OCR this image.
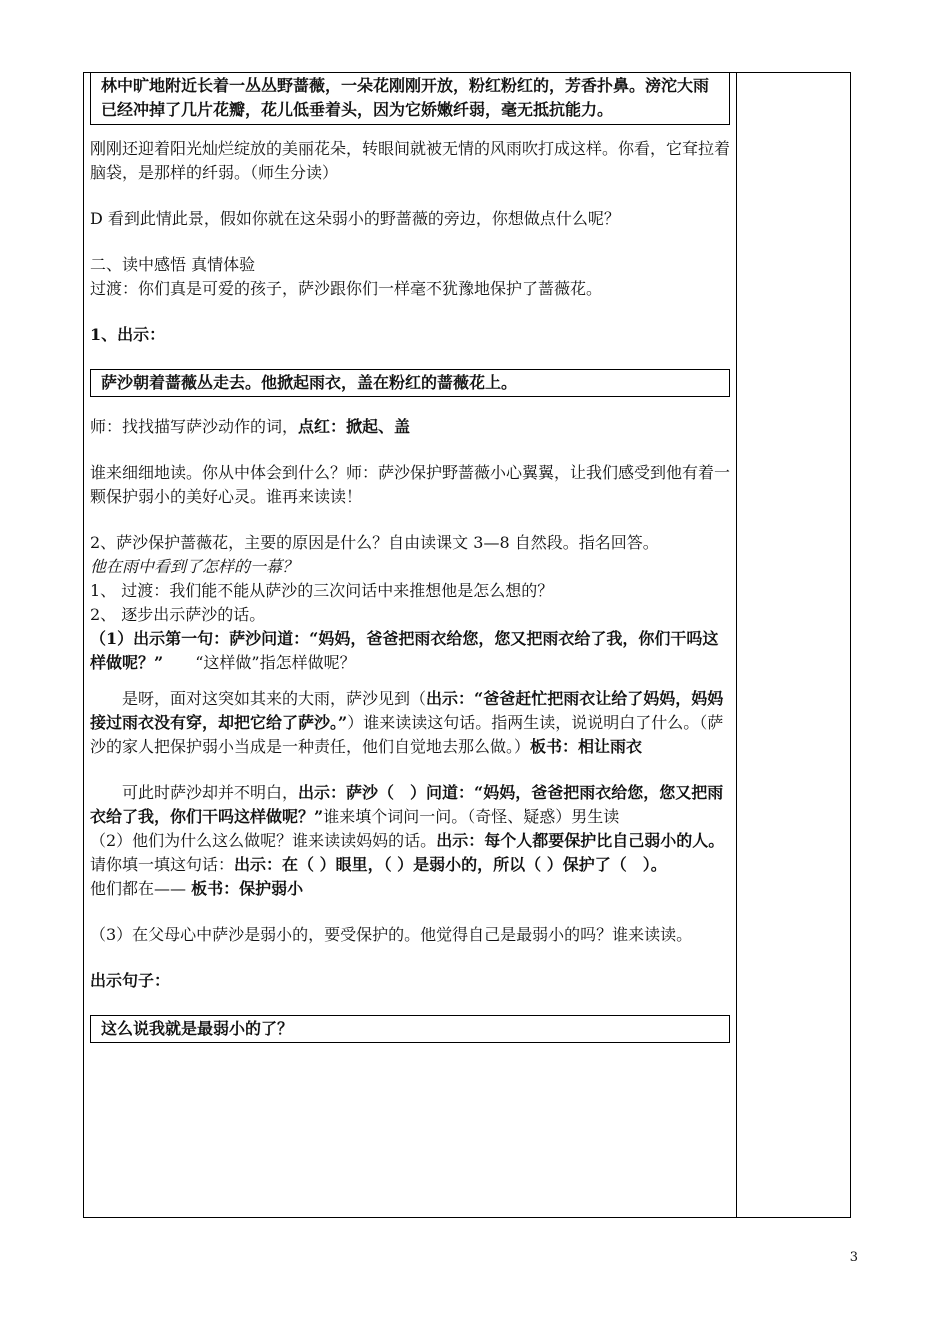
林中旷地附近长着一丛丛野蔷薇，一朵花刚刚开放，粉红粉红的，芳香扑鼻。滂沱大雨已经冲掉了几片花瓣，花儿低垂着头，因为它娇嫩纤弱，毫无抵抗能力。

刚刚还迎着阳光灿烂绽放的美丽花朵，转眼间就被无情的风雨吹打成这样。你看，它耷拉着脑袋，是那样的纤弱。（师生分读）

D 看到此情此景，假如你就在这朵弱小的野蔷薇的旁边，你想做点什么呢？

二、读中感悟 真情体验

过渡：你们真是可爱的孩子，萨沙跟你们一样毫不犹豫地保护了蔷薇花。

1、出示：

萨沙朝着蔷薇丛走去。他掀起雨衣，盖在粉红的蔷薇花上。

师：找找描写萨沙动作的词，点红：掀起、盖

谁来细细地读。你从中体会到什么？师：萨沙保护野蔷薇小心翼翼，让我们感受到他有着一颗保护弱小的美好心灵。谁再来读读！

2、萨沙保护蔷薇花，主要的原因是什么？自由读课文 3—8 自然段。指名回答。

他在雨中看到了怎样的一幕？

1、 过渡：我们能不能从萨沙的三次问话中来推想他是怎么想的？

2、 逐步出示萨沙的话。

（1）出示第一句：萨沙问道：“妈妈，爸爸把雨衣给您，您又把雨衣给了我，你们干吗这样做呢？”　　“这样做”指怎样做呢？

是呀，面对这突如其来的大雨，萨沙见到（出示：“爸爸赶忙把雨衣让给了妈妈，妈妈接过雨衣没有穿，却把它给了萨沙。”）谁来读读这句话。指两生读，说说明白了什么。（萨沙的家人把保护弱小当成是一种责任，他们自觉地去那么做。）板书：相让雨衣

可此时萨沙却并不明白，出示：萨沙（　）问道：“妈妈，爸爸把雨衣给您，您又把雨衣给了我，你们干吗这样做呢？”谁来填个词问一问。（奇怪、疑惑）男生读

（2）他们为什么这么做呢？谁来读读妈妈的话。出示：每个人都要保护比自己弱小的人。请你填一填这句话：出示：在（ ）眼里，（ ）是弱小的，所以（ ）保护了（　）。

他们都在—— 板书：保护弱小

（3）在父母心中萨沙是弱小的，要受保护的。他觉得自己是最弱小的吗？谁来读读。

出示句子：

这么说我就是最弱小的了？

3
